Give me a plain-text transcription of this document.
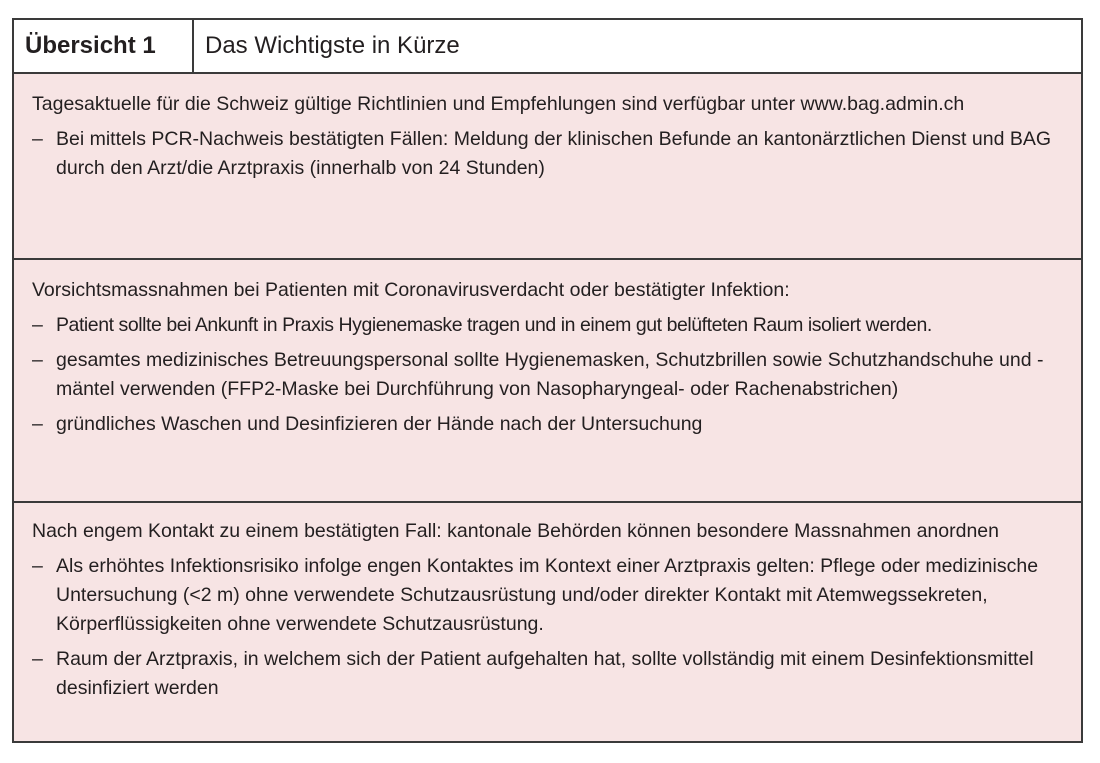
Übersicht 1	Das Wichtigste in Kürze

Tagesaktuelle für die Schweiz gültige Richtlinien und Empfehlungen sind verfügbar unter www.bag.admin.ch

– Bei mittels PCR-Nachweis bestätigten Fällen: Meldung der klinischen Befunde an kantonärztlichen Dienst und BAG durch den Arzt/die Arztpraxis (innerhalb von 24 Stunden)

Vorsichtsmassnahmen bei Patienten mit Coronavirusverdacht oder bestätigter Infektion:

– Patient sollte bei Ankunft in Praxis Hygienemaske tragen und in einem gut belüfteten Raum isoliert werden.
– gesamtes medizinisches Betreuungspersonal sollte Hygienemasken, Schutzbrillen sowie Schutzhandschuhe und -mäntel verwenden (FFP2-Maske bei Durchführung von Nasopharyngeal- oder Rachenabstrichen)
– gründliches Waschen und Desinfizieren der Hände nach der Untersuchung

Nach engem Kontakt zu einem bestätigten Fall: kantonale Behörden können besondere Massnahmen anordnen

– Als erhöhtes Infektionsrisiko infolge engen Kontaktes im Kontext einer Arztpraxis gelten: Pflege oder medizinische Untersuchung (<2 m) ohne verwendete Schutzausrüstung und/oder direkter Kontakt mit Atemwegssekreten, Körperflüssigkeiten ohne verwendete Schutzausrüstung.
– Raum der Arztpraxis, in welchem sich der Patient aufgehalten hat, sollte vollständig mit einem Desinfektionsmittel desinfiziert werden
